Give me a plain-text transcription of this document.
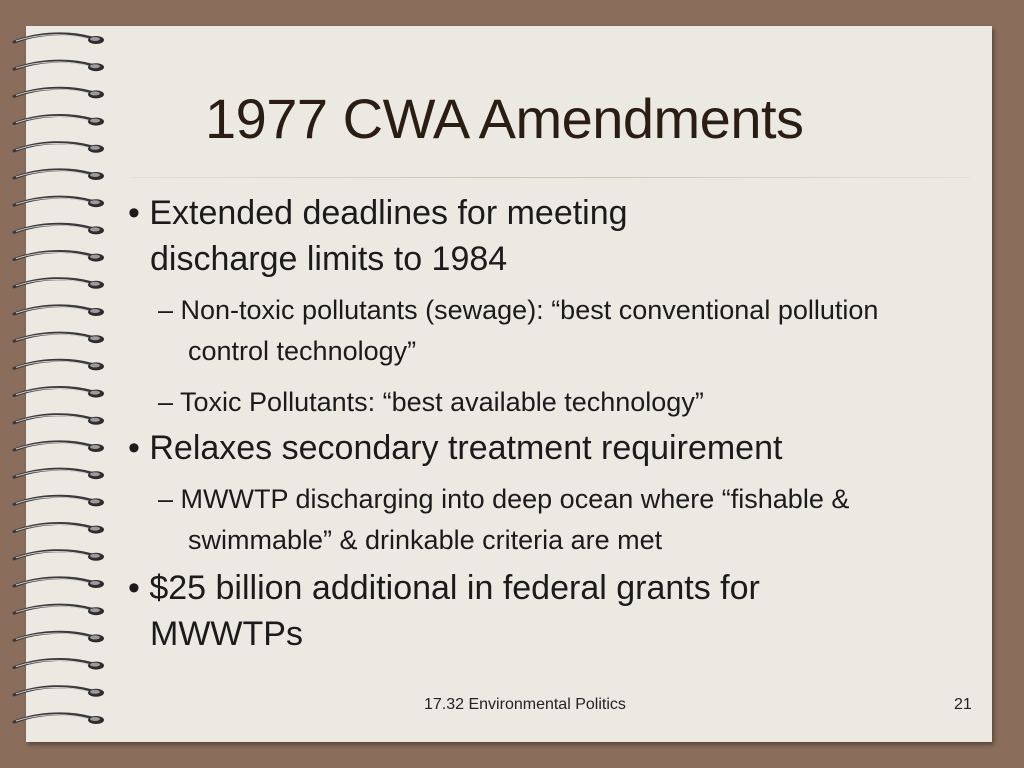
1977 CWA Amendments

• Extended deadlines for meeting discharge limits to 1984

– Non-toxic pollutants (sewage): “best conventional pollution control technology”

– Toxic Pollutants: “best available technology”

• Relaxes secondary treatment requirement

– MWWTP discharging into deep ocean where “fishable & swimmable” & drinkable criteria are met

• $25 billion additional in federal grants for MWWTPs

17.32 Environmental Politics	21
